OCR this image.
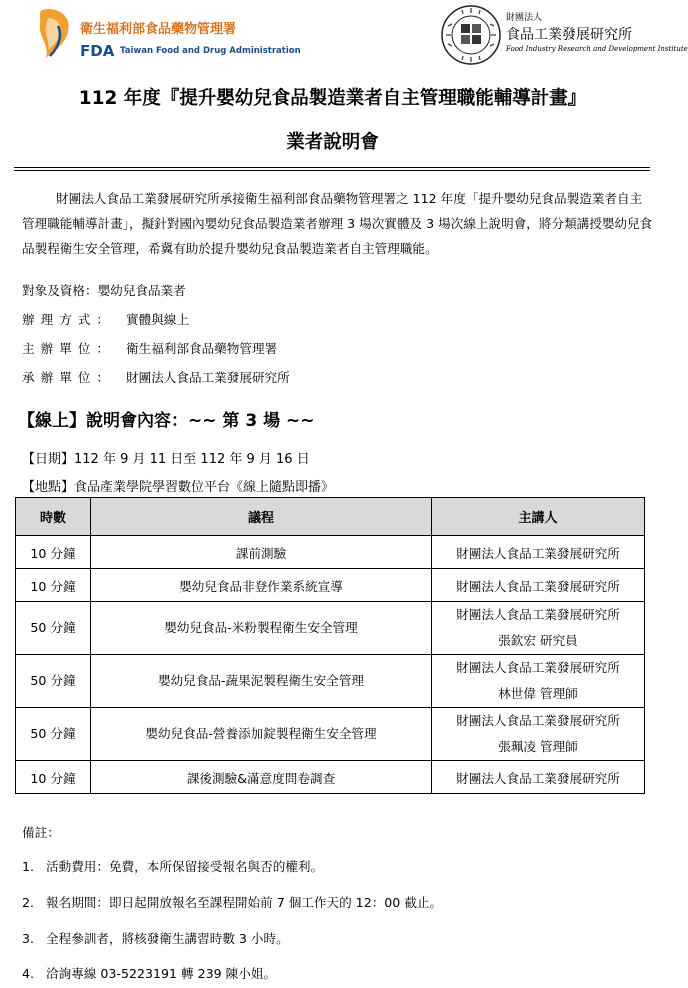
衛生福利部食品藥物管理署
FDA Taiwan Food and Drug Administration
財團法人
食品工業發展研究所
Food Industry Research and Development Institute
112 年度『提升嬰幼兒食品製造業者自主管理職能輔導計畫』
業者說明會
財團法人食品工業發展研究所承接衛生福利部食品藥物管理署之 112 年度「提升嬰幼兒食品製造業者自主管理職能輔導計畫」，擬針對國內嬰幼兒食品製造業者辦理 3 場次實體及 3 場次線上說明會，將分類講授嬰幼兒食品製程衛生安全管理，希冀有助於提升嬰幼兒食品製造業者自主管理職能。
對象及資格：嬰幼兒食品業者
辦理方式： 實體與線上
主辦單位： 衛生福利部食品藥物管理署
承辦單位： 財團法人食品工業發展研究所
【線上】說明會內容：~~ 第 3 場 ~~
【日期】112 年 9 月 11 日至 112 年 9 月 16 日
【地點】食品產業學院學習數位平台《線上隨點即播》
時數	議程	主講人
10 分鐘	課前測驗	財團法人食品工業發展研究所
10 分鐘	嬰幼兒食品非登作業系統宣導	財團法人食品工業發展研究所
50 分鐘	嬰幼兒食品-米粉製程衛生安全管理	財團法人食品工業發展研究所
張欽宏 研究員

50 分鐘	嬰幼兒食品-蔬果泥製程衛生安全管理	財團法人食品工業發展研究所
林世偉 管理師

50 分鐘	嬰幼兒食品-營養添加錠製程衛生安全管理	財團法人食品工業發展研究所
張珮凌 管理師

10 分鐘	課後測驗&滿意度問卷調查	財團法人食品工業發展研究所
備註：
1. 活動費用：免費，本所保留接受報名與否的權利。
2. 報名期間：即日起開放報名至課程開始前 7 個工作天的 12：00 截止。
3. 全程參訓者，將核發衛生講習時數 3 小時。
4. 洽詢專線 03-5223191 轉 239 陳小姐。
